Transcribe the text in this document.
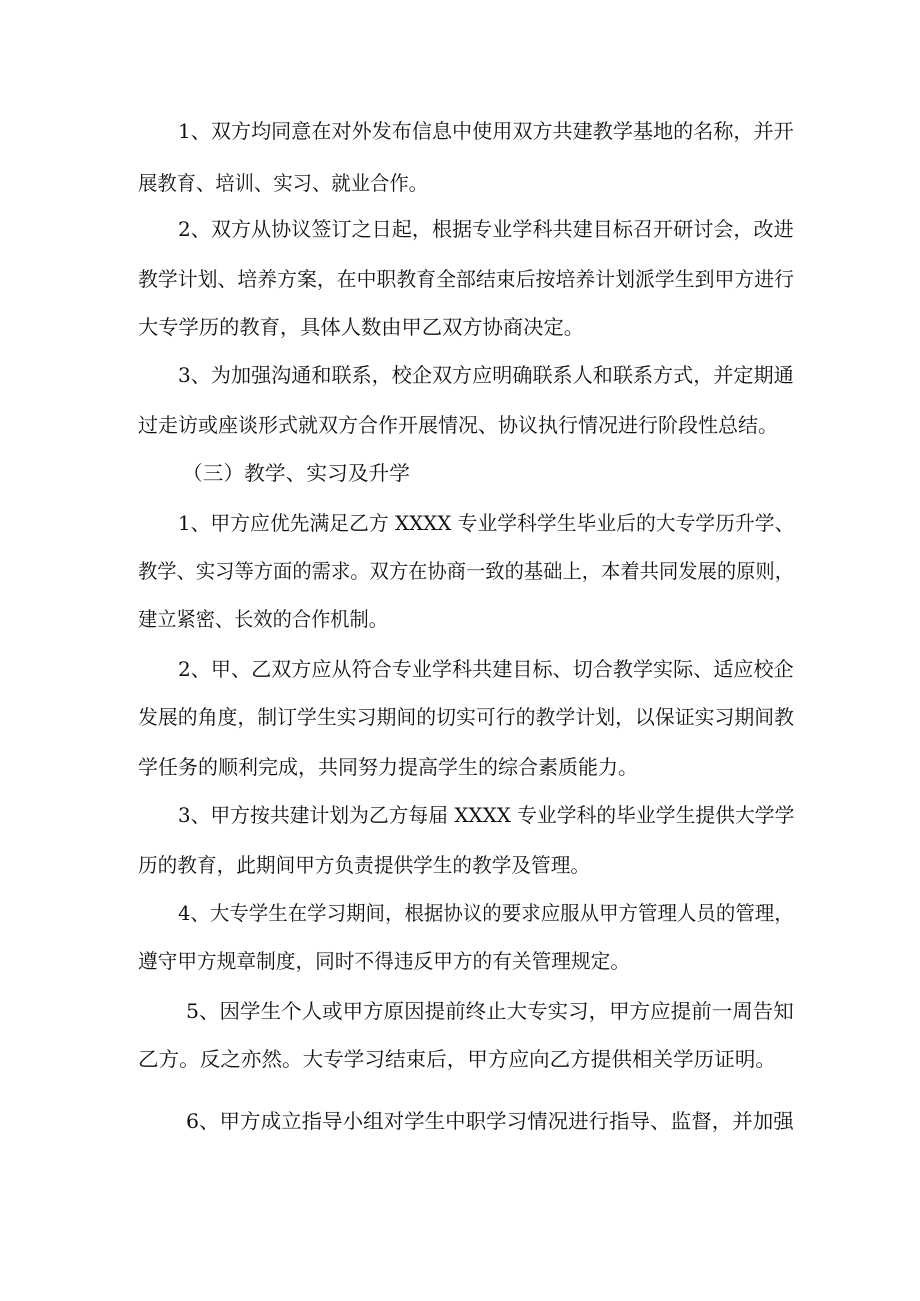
1、双方均同意在对外发布信息中使用双方共建教学基地的名称，并开

展教育、培训、实习、就业合作。

2、双方从协议签订之日起，根据专业学科共建目标召开研讨会，改进

教学计划、培养方案，在中职教育全部结束后按培养计划派学生到甲方进行

大专学历的教育，具体人数由甲乙双方协商决定。

3、为加强沟通和联系，校企双方应明确联系人和联系方式，并定期通

过走访或座谈形式就双方合作开展情况、协议执行情况进行阶段性总结。

（三）教学、实习及升学

1、甲方应优先满足乙方 XXXX 专业学科学生毕业后的大专学历升学、

教学、实习等方面的需求。双方在协商一致的基础上，本着共同发展的原则，

建立紧密、长效的合作机制。

2、甲、乙双方应从符合专业学科共建目标、切合教学实际、适应校企

发展的角度，制订学生实习期间的切实可行的教学计划，以保证实习期间教

学任务的顺利完成，共同努力提高学生的综合素质能力。

3、甲方按共建计划为乙方每届 XXXX 专业学科的毕业学生提供大学学

历的教育，此期间甲方负责提供学生的教学及管理。

4、大专学生在学习期间，根据协议的要求应服从甲方管理人员的管理，

遵守甲方规章制度，同时不得违反甲方的有关管理规定。

5、因学生个人或甲方原因提前终止大专实习，甲方应提前一周告知

乙方。反之亦然。大专学习结束后，甲方应向乙方提供相关学历证明。

6、甲方成立指导小组对学生中职学习情况进行指导、监督，并加强
